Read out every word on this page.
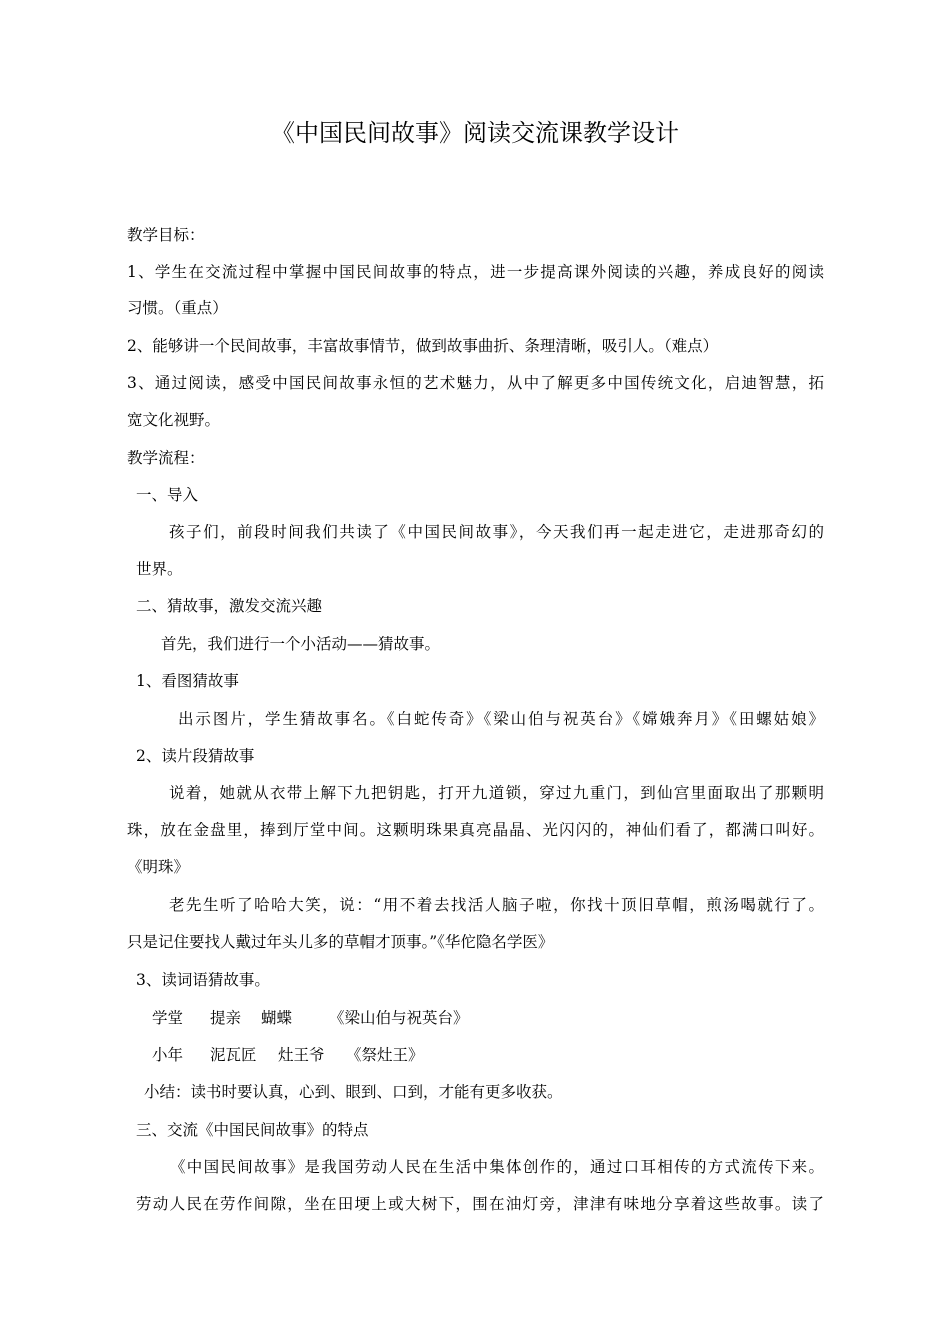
《中国民间故事》阅读交流课教学设计
教学目标：
1、学生在交流过程中掌握中国民间故事的特点，进一步提高课外阅读的兴趣，养成良好的阅读
习惯。（重点）
2、能够讲一个民间故事，丰富故事情节，做到故事曲折、条理清晰，吸引人。（难点）
3、通过阅读，感受中国民间故事永恒的艺术魅力，从中了解更多中国传统文化，启迪智慧，拓
宽文化视野。
教学流程：
一、导入
孩子们，前段时间我们共读了《中国民间故事》，今天我们再一起走进它，走进那奇幻的
世界。
二、猜故事，激发交流兴趣
首先，我们进行一个小活动——猜故事。
1、看图猜故事
出示图片，学生猜故事名。《白蛇传奇》《梁山伯与祝英台》《嫦娥奔月》《田螺姑娘》
2、读片段猜故事
说着，她就从衣带上解下九把钥匙，打开九道锁，穿过九重门，到仙宫里面取出了那颗明
珠，放在金盘里，捧到厅堂中间。这颗明珠果真亮晶晶、光闪闪的，神仙们看了，都满口叫好。
《明珠》
老先生听了哈哈大笑，说：“用不着去找活人脑子啦，你找十顶旧草帽，煎汤喝就行了。
只是记住要找人戴过年头儿多的草帽才顶事。”《华佗隐名学医》
3、读词语猜故事。
学堂 提亲 蝴蝶 《梁山伯与祝英台》
小年 泥瓦匠 灶王爷 《祭灶王》
小结：读书时要认真，心到、眼到、口到，才能有更多收获。
三、交流《中国民间故事》的特点
《中国民间故事》是我国劳动人民在生活中集体创作的，通过口耳相传的方式流传下来。
劳动人民在劳作间隙，坐在田埂上或大树下，围在油灯旁，津津有味地分享着这些故事。读了
